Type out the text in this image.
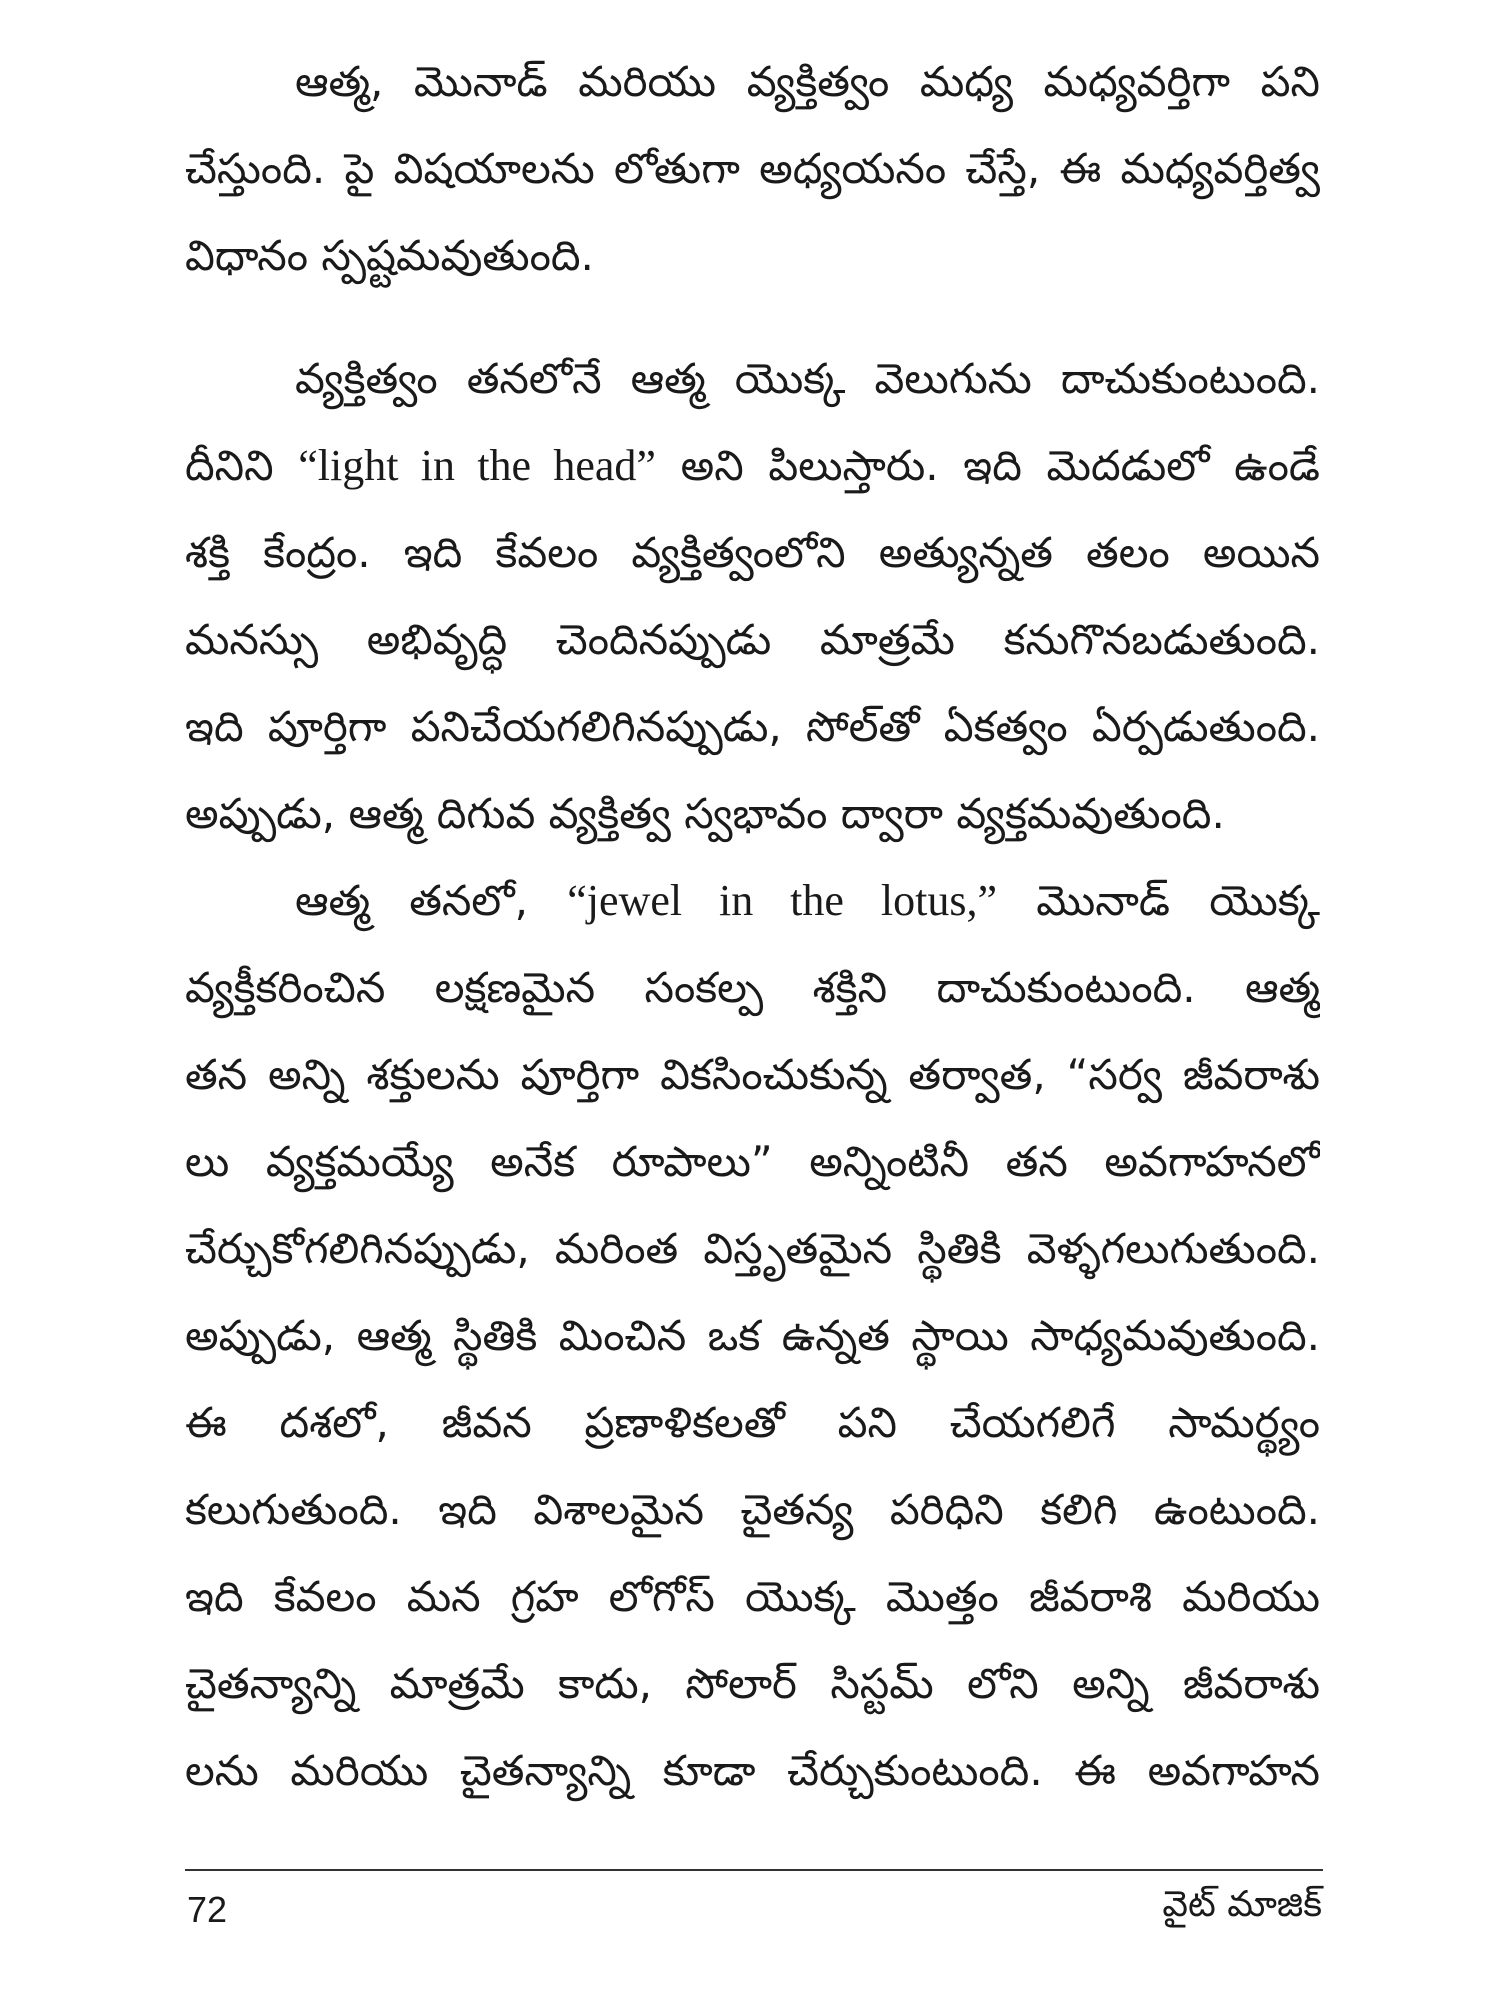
ఆత్మ, మొనాడ్ మరియు వ్యక్తిత్వం మధ్య మధ్యవర్తిగా పని
చేస్తుంది. పై విషయాలను లోతుగా అధ్యయనం చేస్తే, ఈ మధ్యవర్తిత్వ
విధానం స్పష్టమవుతుంది.
వ్యక్తిత్వం తనలోనే ఆత్మ యొక్క వెలుగును దాచుకుంటుంది.
దీనిని “light in the head” అని పిలుస్తారు. ఇది మెదడులో ఉండే
శక్తి కేంద్రం. ఇది కేవలం వ్యక్తిత్వంలోని అత్యున్నత తలం అయిన
మనస్సు అభివృద్ధి చెందినప్పుడు మాత్రమే కనుగొనబడుతుంది.
ఇది పూర్తిగా పనిచేయగలిగినప్పుడు, సోల్‌తో ఏకత్వం ఏర్పడుతుంది.
అప్పుడు, ఆత్మ దిగువ వ్యక్తిత్వ స్వభావం ద్వారా వ్యక్తమవుతుంది.
ఆత్మ తనలో, “jewel in the lotus,” మొనాడ్ యొక్క
వ్యక్తీకరించిన లక్షణమైన సంకల్ప శక్తిని దాచుకుంటుంది. ఆత్మ
తన అన్ని శక్తులను పూర్తిగా వికసించుకున్న తర్వాత, “సర్వ జీవరాశు
లు వ్యక్తమయ్యే అనేక రూపాలు” అన్నింటినీ తన అవగాహనలో
చేర్చుకోగలిగినప్పుడు, మరింత విస్తృతమైన స్థితికి వెళ్ళగలుగుతుంది.
అప్పుడు, ఆత్మ స్థితికి మించిన ఒక ఉన్నత స్థాయి సాధ్యమవుతుంది.
ఈ దశలో, జీవన ప్రణాళికలతో పని చేయగలిగే సామర్థ్యం
కలుగుతుంది. ఇది విశాలమైన చైతన్య పరిధిని కలిగి ఉంటుంది.
ఇది కేవలం మన గ్రహ లోగోస్ యొక్క మొత్తం జీవరాశి మరియు
చైతన్యాన్ని మాత్రమే కాదు, సోలార్ సిస్టమ్ లోని అన్ని జీవరాశు
లను మరియు చైతన్యాన్ని కూడా చేర్చుకుంటుంది. ఈ అవగాహన
72	వైట్ మాజిక్
